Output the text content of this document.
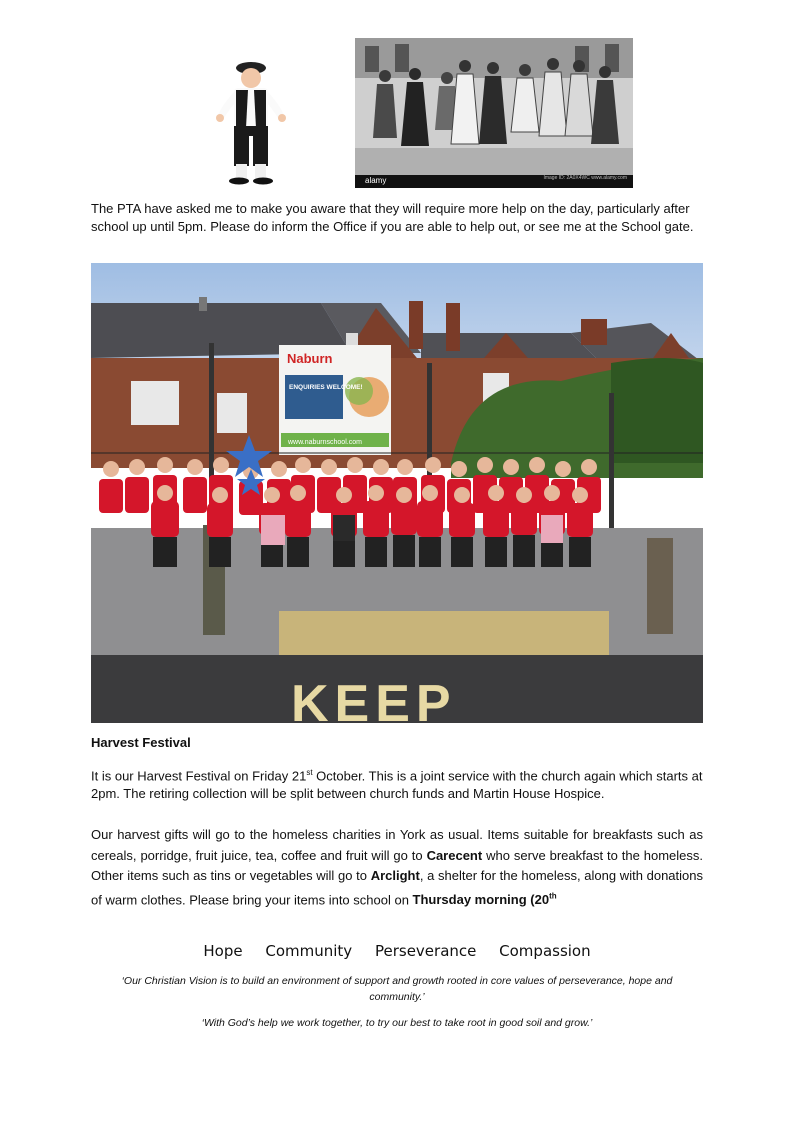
alamy	Image ID: 2A0X4WC www.alamy.com

The PTA have asked me to make you aware that they will require more help on the day, particularly after school up until 5pm. Please do inform the Office if you are able to help out, or see me at the School gate.

Naburn
ENQUIRIES WELCOME!
www.naburnschool.com
KEEP
Harvest Festival

It is our Harvest Festival on Friday 21st October. This is a joint service with the church again which starts at 2pm. The retiring collection will be split between church funds and Martin House Hospice.

Our harvest gifts will go to the homeless charities in York as usual. Items suitable for breakfasts such as cereals, porridge, fruit juice, tea, coffee and fruit will go to Carecent who serve breakfast to the homeless. Other items such as tins or vegetables will go to Arclight, a shelter for the homeless, along with donations of warm clothes. Please bring your items into school on Thursday morning (20th

Hope Community Perseverance Compassion

‘Our Christian Vision is to build an environment of support and growth rooted in core values of perseverance, hope and community.’

‘With God’s help we work together, to try our best to take root in good soil and grow.’
